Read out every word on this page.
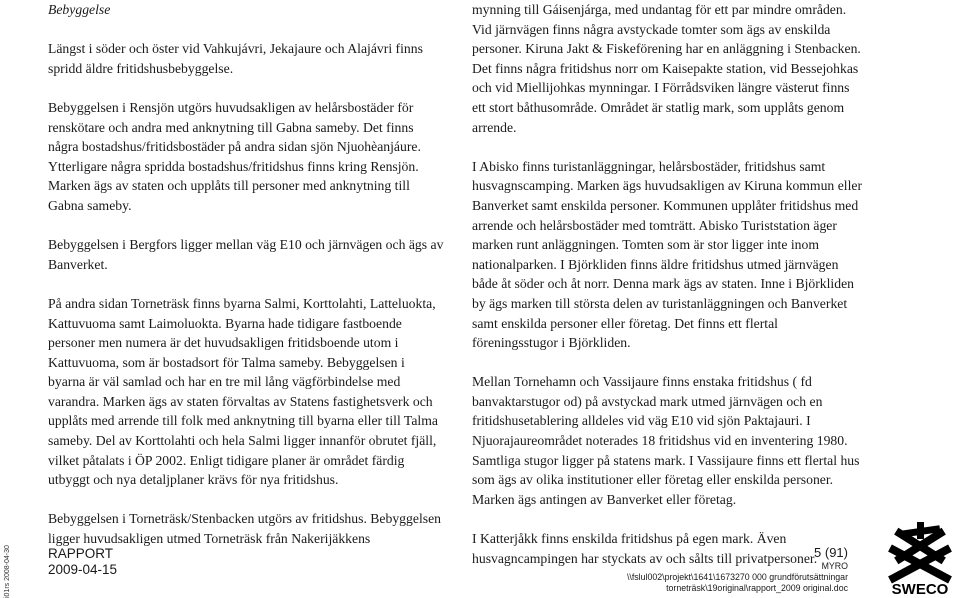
Bebyggelse

Längst i söder och öster vid Vahkujávri, Jekajaure och Alajávri finns spridd äldre fritidshusbebyggelse.

Bebyggelsen i Rensjön utgörs huvudsakligen av helårsbostäder för renskötare och andra med anknytning till Gabna sameby. Det finns några bostadshus/fritidsbostäder på andra sidan sjön Njuohèanjáure. Ytterligare några spridda bostadshus/fritidshus finns kring Rensjön. Marken ägs av staten och upplåts till personer med anknytning till Gabna sameby.

Bebyggelsen i Bergfors ligger mellan väg E10 och järnvägen och ägs av Banverket.

På andra sidan Torneträsk finns byarna Salmi, Korttolahti, Latteluokta, Kattuvuoma samt Laimoluokta. Byarna hade tidigare fastboende personer men numera är det huvudsakligen fritidsboende utom i Kattuvuoma, som är bostadsort för Talma sameby. Bebyggelsen i byarna är väl samlad och har en tre mil lång vägförbindelse med varandra. Marken ägs av staten förvaltas av Statens fastighetsverk och upplåts med arrende till folk med anknytning till byarna eller till Talma sameby. Del av Korttolahti och hela Salmi ligger innanför obrutet fjäll, vilket påtalats i ÖP 2002. Enligt tidigare planer är området färdig utbyggt och nya detaljplaner krävs för nya fritidshus.

Bebyggelsen i Torneträsk/Stenbacken utgörs av fritidshus. Bebyggelsen ligger huvudsakligen utmed Torneträsk från Nakerijäkkens

mynning till Gáisenjárga, med undantag för ett par mindre områden. Vid järnvägen finns några avstyckade tomter som ägs av enskilda personer. Kiruna Jakt & Fiskeförening har en anläggning i Stenbacken. Det finns några fritidshus norr om Kaisepakte station, vid Bessejohkas och vid Miellijohkas mynningar. I Förrådsviken längre västerut finns ett stort båthusområde. Området är statlig mark, som upplåts genom arrende.

I Abisko finns turistanläggningar, helårsbostäder, fritidshus samt husvagnscamping. Marken ägs huvudsakligen av Kiruna kommun eller Banverket samt enskilda personer. Kommunen upplåter fritidshus med arrende och helårsbostäder med tomträtt. Abisko Turiststation äger marken runt anläggningen. Tomten som är stor ligger inte inom nationalparken. I Björkliden finns äldre fritidshus utmed järnvägen både åt söder och åt norr. Denna mark ägs av staten. Inne i Björkliden by ägs marken till största delen av turistanläggningen och Banverket samt enskilda personer eller företag. Det finns ett flertal föreningsstugor i Björkliden.

Mellan Tornehamn och Vassijaure finns enstaka fritidshus ( fd banvaktarstugor od) på avstyckad mark utmed järnvägen och en fritidshusetablering alldeles vid väg E10 vid sjön Paktajauri. I Njuorajaureområdet noterades 18 fritidshus vid en inventering 1980. Samtliga stugor ligger på statens mark. I Vassijaure finns ett flertal hus som ägs av olika institutioner eller företag eller enskilda personer. Marken ägs antingen av Banverket eller företag.

I Katterjåkk finns enskilda fritidshus på egen mark. Även husvagncampingen har styckats av och sålts till privatpersoner.

i01rs 2008-04-30	RAPPORT
2009-04-15
5 (91)
MYRO
\\fslul002\projekt\1641\1673270 000 grundförutsättningar
torneträsk\19original\rapport_2009 original.doc	SWECO
